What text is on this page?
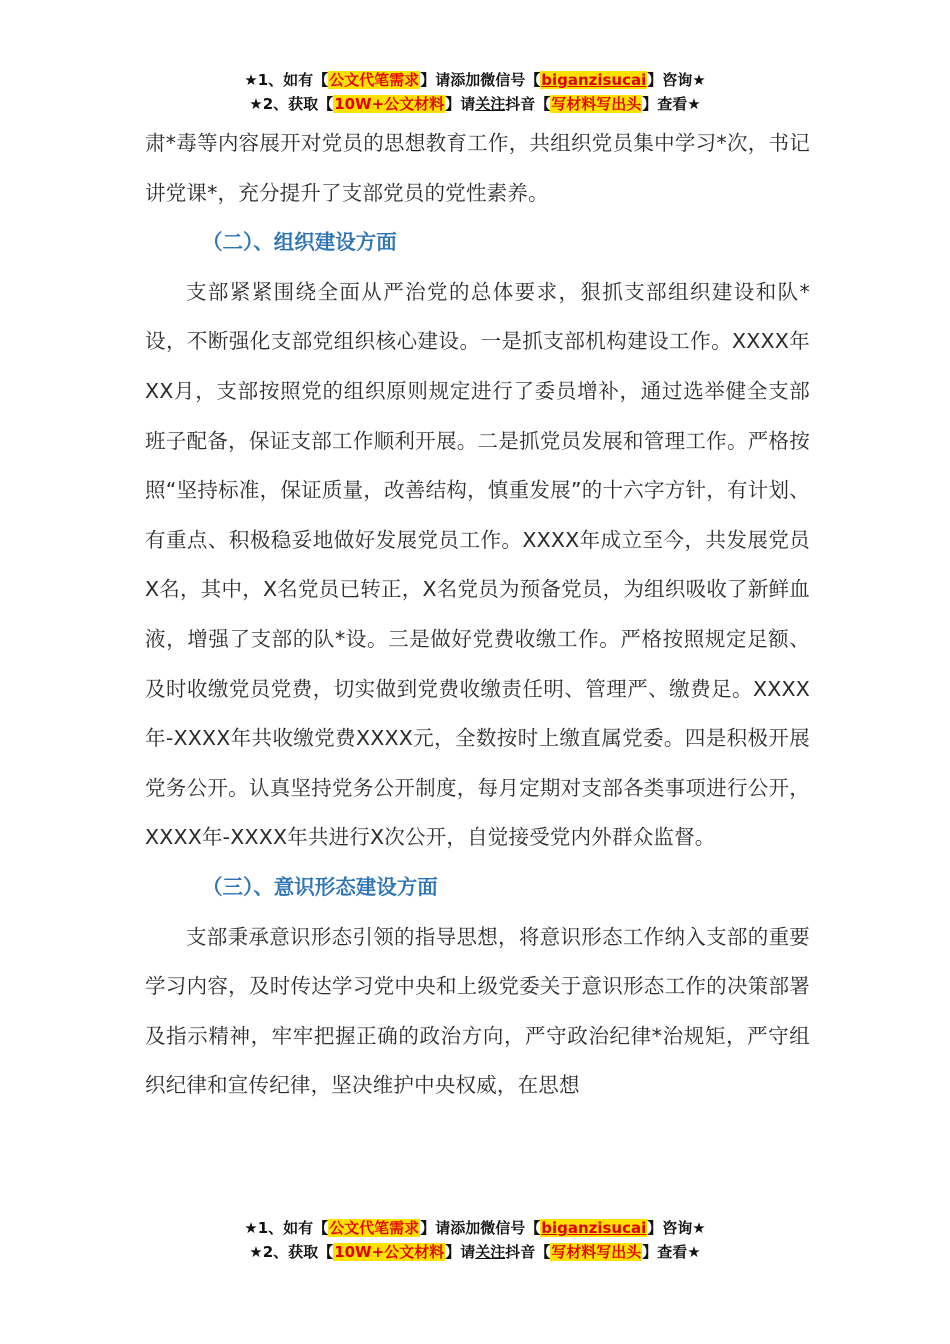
★1、如有【公文代笔需求】请添加微信号【biganzisucai】咨询★
★2、获取【10W+公文材料】请关注抖音【写材料写出头】查看★

肃*毒等内容展开对党员的思想教育工作，共组织党员集中学习*次，书记讲党课*，充分提升了支部党员的党性素养。

（二）、组织建设方面

支部紧紧围绕全面从严治党的总体要求，狠抓支部组织建设和队*设，不断强化支部党组织核心建设。一是抓支部机构建设工作。XXXX年XX月，支部按照党的组织原则规定进行了委员增补，通过选举健全支部班子配备，保证支部工作顺利开展。二是抓党员发展和管理工作。严格按照“坚持标准，保证质量，改善结构，慎重发展”的十六字方针，有计划、有重点、积极稳妥地做好发展党员工作。XXXX年成立至今，共发展党员X名，其中，X名党员已转正，X名党员为预备党员，为组织吸收了新鲜血液，增强了支部的队*设。三是做好党费收缴工作。严格按照规定足额、及时收缴党员党费，切实做到党费收缴责任明、管理严、缴费足。XXXX年-XXXX年共收缴党费XXXX元，全数按时上缴直属党委。四是积极开展党务公开。认真坚持党务公开制度，每月定期对支部各类事项进行公开，XXXX年-XXXX年共进行X次公开，自觉接受党内外群众监督。

（三）、意识形态建设方面

支部秉承意识形态引领的指导思想，将意识形态工作纳入支部的重要学习内容，及时传达学习党中央和上级党委关于意识形态工作的决策部署及指示精神，牢牢把握正确的政治方向，严守政治纪律*治规矩，严守组织纪律和宣传纪律，坚决维护中央权威，在思想

★1、如有【公文代笔需求】请添加微信号【biganzisucai】咨询★
★2、获取【10W+公文材料】请关注抖音【写材料写出头】查看★
